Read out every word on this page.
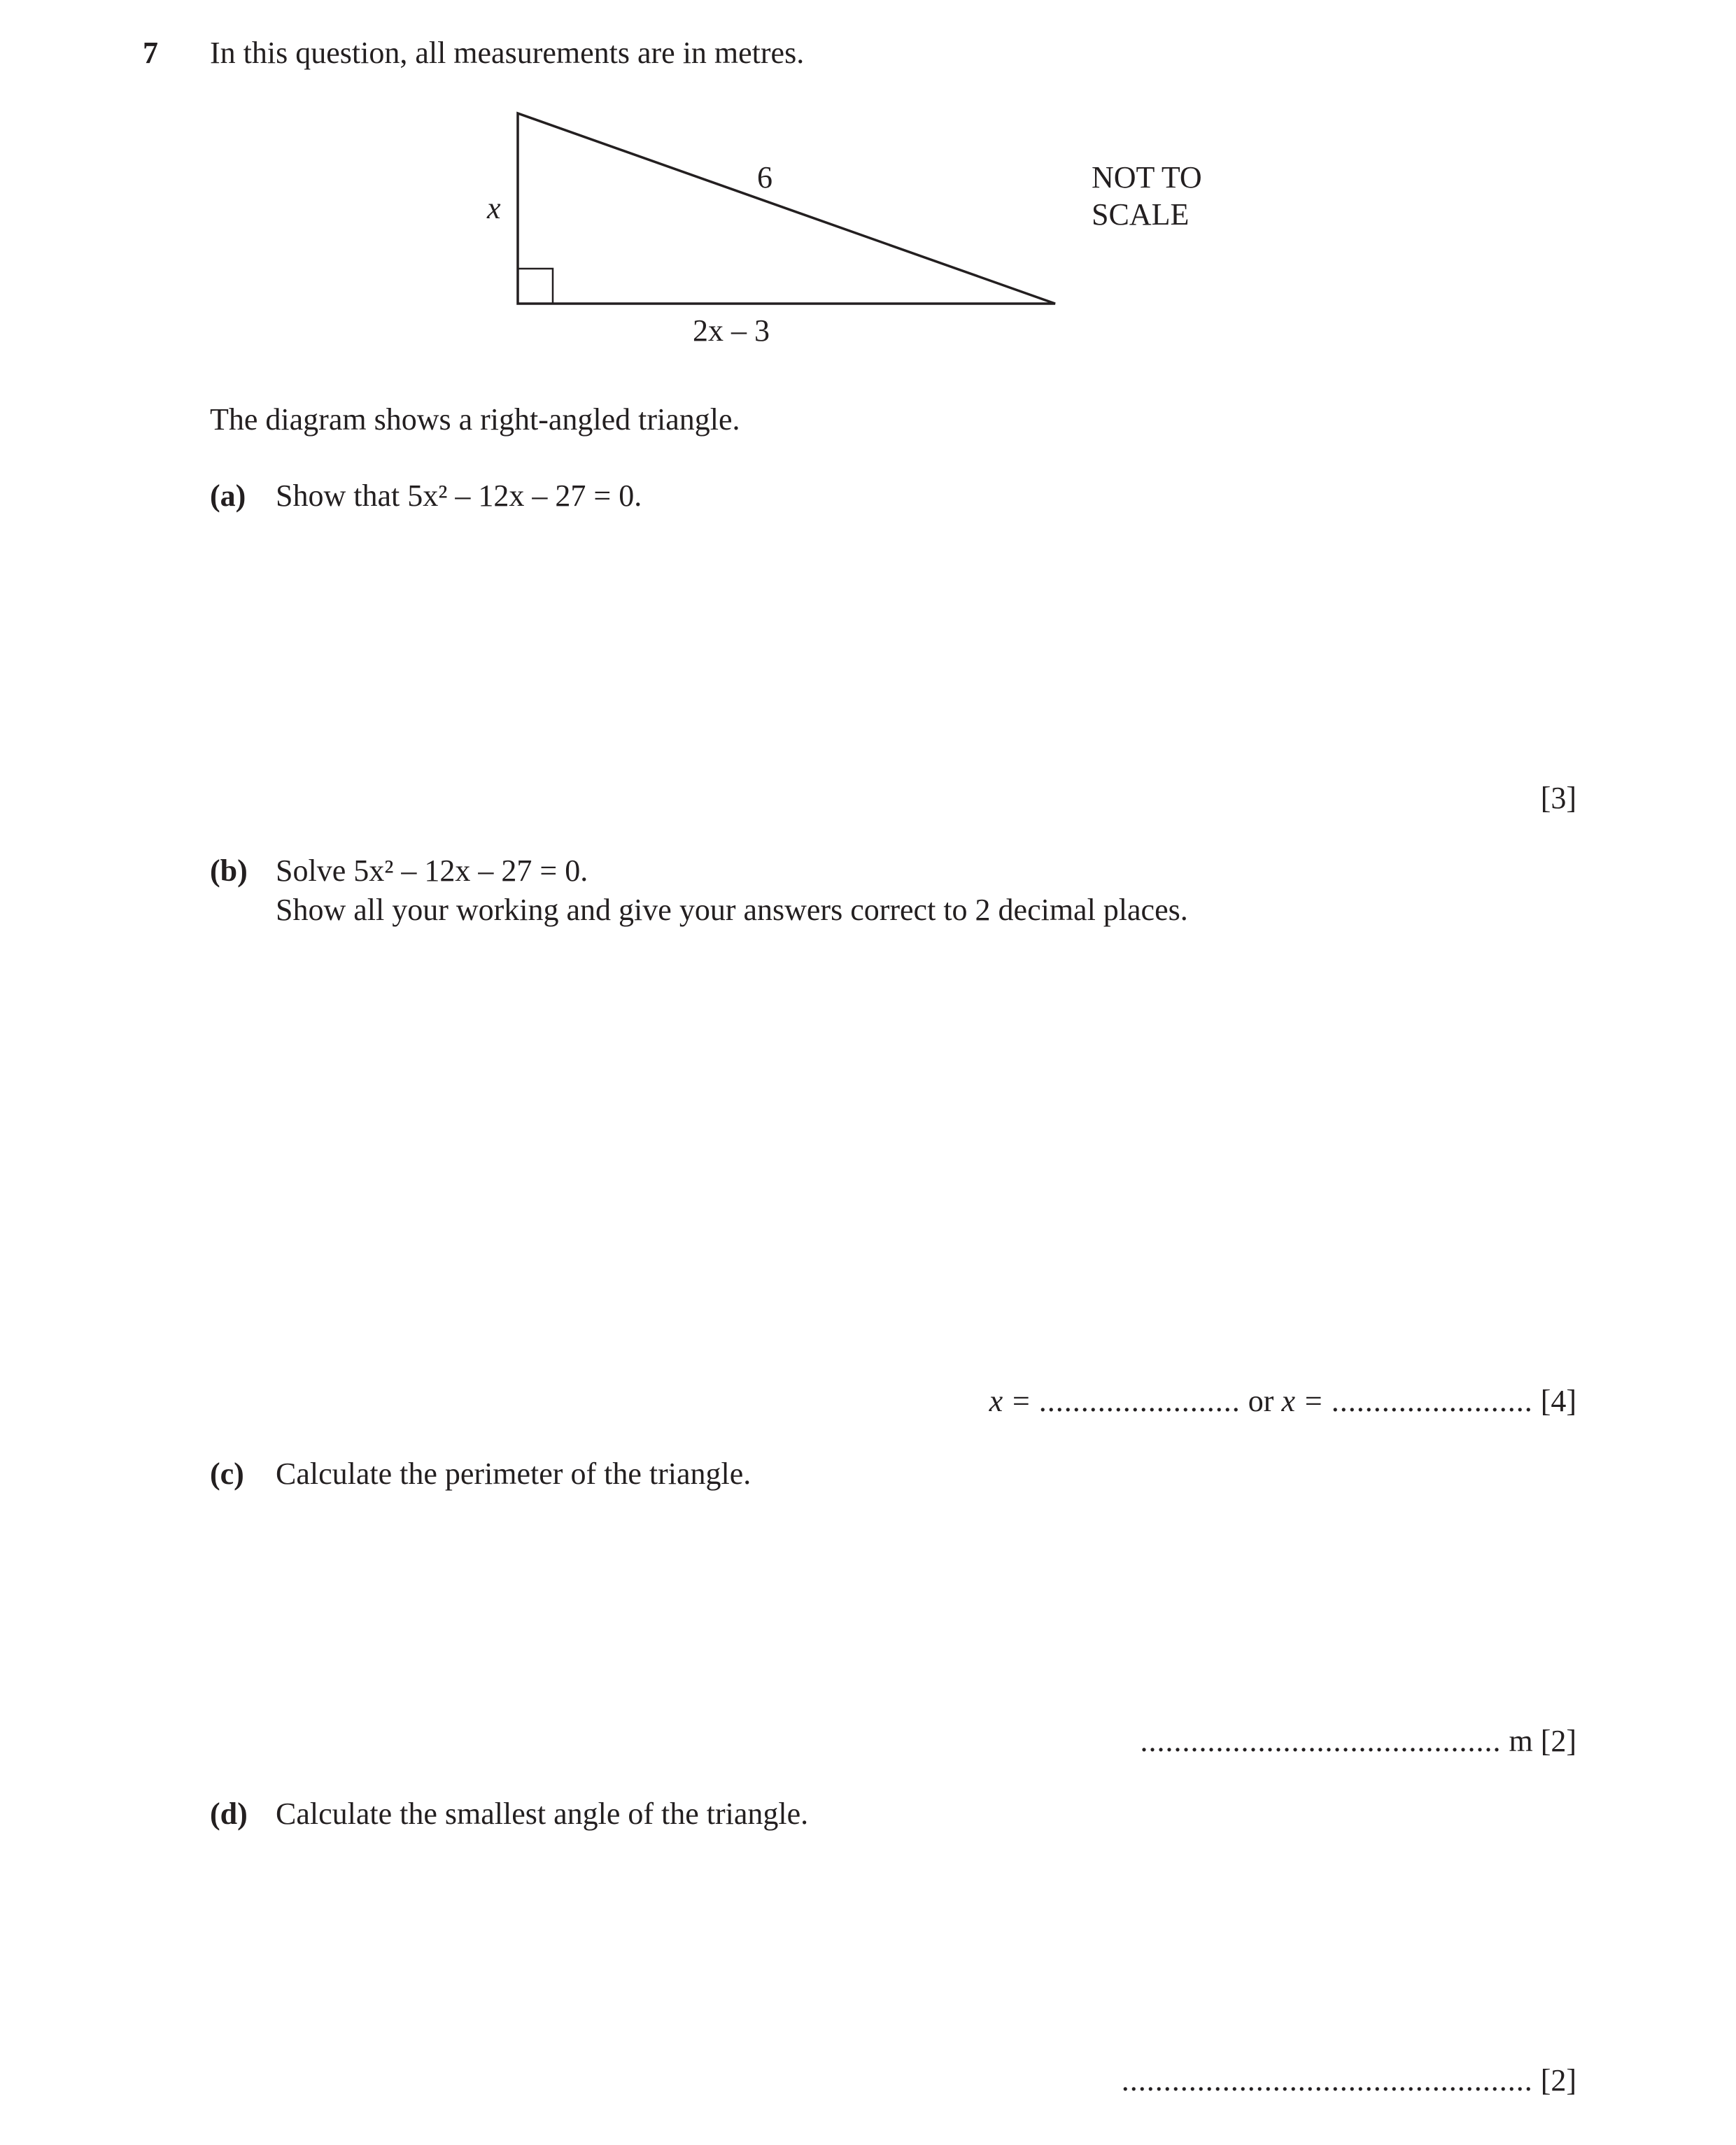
7 In this question, all measurements are in metres.
6
x
2x – 3
NOT TO
SCALE
The diagram shows a right-angled triangle.
(a) Show that 5x² – 12x – 27 = 0.
[3]
(b) Solve 5x² – 12x – 27 = 0.
Show all your working and give your answers correct to 2 decimal places.
x = ........................ or x = ........................ [4]
(c) Calculate the perimeter of the triangle.
........................................... m [2]
(d) Calculate the smallest angle of the triangle.
................................................. [2]
